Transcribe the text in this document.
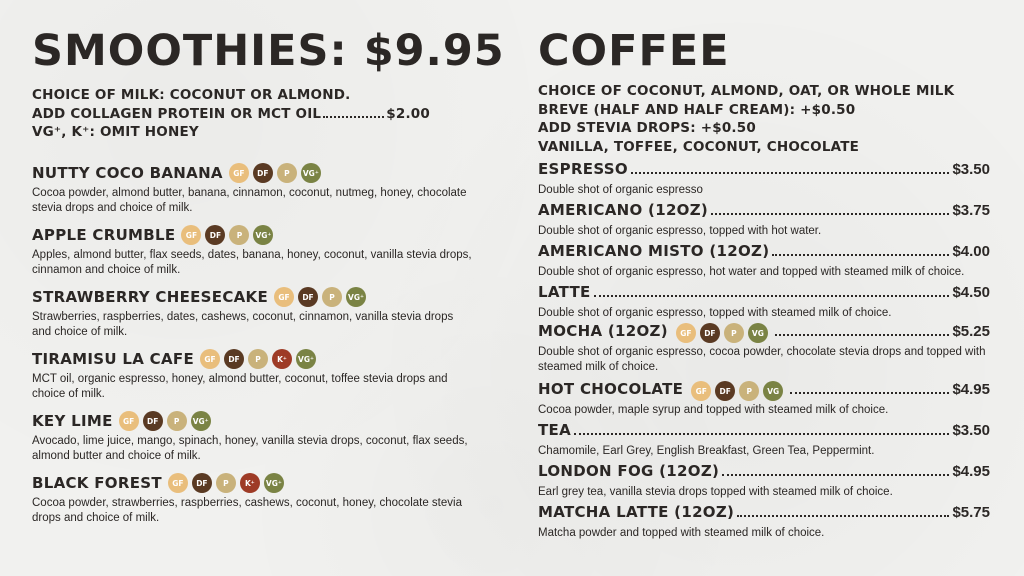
SMOOTHIES: $9.95
CHOICE OF MILK: COCONUT OR ALMOND.
ADD COLLAGEN PROTEIN OR MCT OIL	$2.00
VG⁺, K⁺: OMIT HONEY
NUTTY COCO BANANA	GF	DF	P	VG⁺
Cocoa powder, almond butter, banana, cinnamon, coconut, nutmeg, honey, chocolate stevia drops and choice of milk.
APPLE CRUMBLE	GF	DF	P	VG⁺
Apples, almond butter, flax seeds, dates, banana, honey, coconut, vanilla stevia drops, cinnamon and choice of milk.
STRAWBERRY CHEESECAKE	GF	DF	P	VG⁺
Strawberries, raspberries, dates, cashews, coconut, cinnamon, vanilla stevia drops and choice of milk.
TIRAMISU LA CAFE	GF	DF	P	K⁺	VG⁺
MCT oil, organic espresso, honey, almond butter, coconut, toffee stevia drops and choice of milk.
KEY LIME	GF	DF	P	VG⁺
Avocado, lime juice, mango, spinach, honey, vanilla stevia drops, coconut, flax seeds, almond butter and choice of milk.
BLACK FOREST	GF	DF	P	K⁺	VG⁺
Cocoa powder, strawberries, raspberries, cashews, coconut, honey, chocolate stevia drops and choice of milk.
COFFEE
CHOICE OF COCONUT, ALMOND, OAT, OR WHOLE MILK
BREVE (HALF AND HALF CREAM): +$0.50
ADD STEVIA DROPS: +$0.50
VANILLA, TOFFEE, COCONUT, CHOCOLATE
ESPRESSO	$3.50
Double shot of organic espresso
AMERICANO (12OZ)	$3.75
Double shot of organic espresso, topped with hot water.
AMERICANO MISTO (12OZ)	$4.00
Double shot of organic espresso, hot water and topped with steamed milk of choice.
LATTE	$4.50
Double shot of organic espresso, topped with steamed milk of choice.
MOCHA (12OZ)	GF	DF	P	VG	$5.25
Double shot of organic espresso, cocoa powder, chocolate stevia drops and topped with steamed milk of choice.
HOT CHOCOLATE	GF	DF	P	VG	$4.95
Cocoa powder, maple syrup and topped with steamed milk of choice.
TEA	$3.50
Chamomile, Earl Grey, English Breakfast, Green Tea, Peppermint.
LONDON FOG (12OZ)	$4.95
Earl grey tea, vanilla stevia drops topped with steamed milk of choice.
MATCHA LATTE (12OZ)	$5.75
Matcha powder and topped with steamed milk of choice.
